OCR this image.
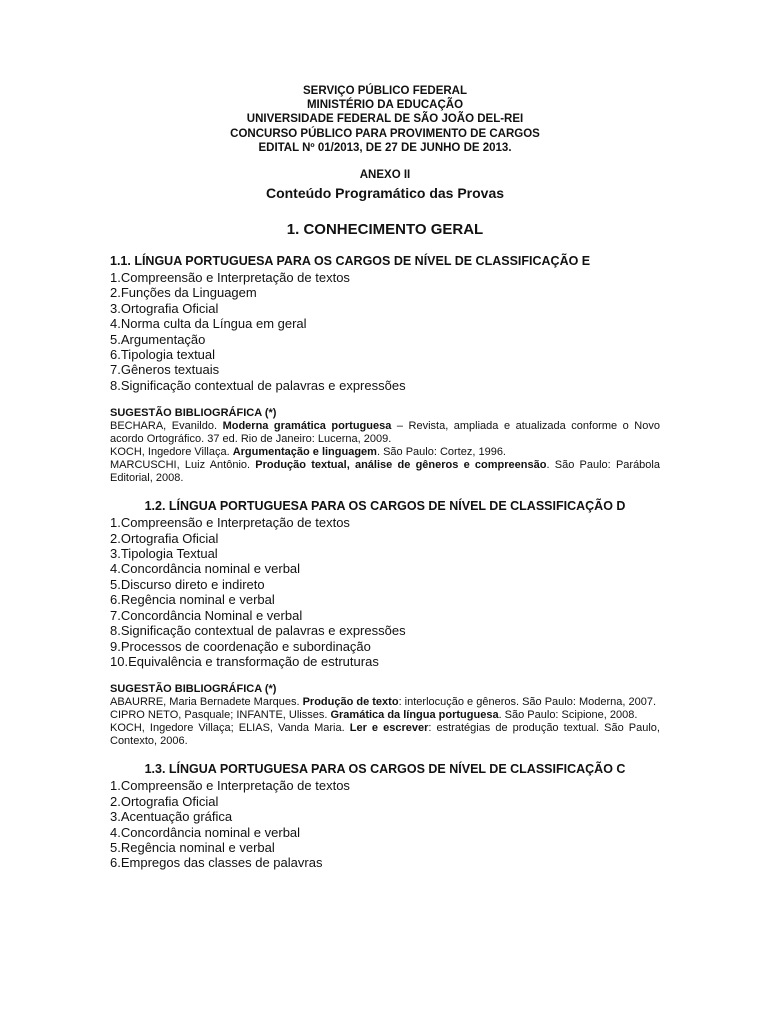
SERVIÇO PÚBLICO FEDERAL
MINISTÉRIO DA EDUCAÇÃO
UNIVERSIDADE FEDERAL DE SÃO JOÃO DEL-REI
CONCURSO PÚBLICO PARA PROVIMENTO DE CARGOS
EDITAL Nº 01/2013, DE 27 DE JUNHO DE 2013.
ANEXO II
Conteúdo Programático das Provas
1. CONHECIMENTO GERAL
1.1. LÍNGUA PORTUGUESA PARA OS CARGOS DE NÍVEL DE CLASSIFICAÇÃO E
1.Compreensão e Interpretação de textos
2.Funções da Linguagem
3.Ortografia Oficial
4.Norma culta da Língua em geral
5.Argumentação
6.Tipologia textual
7.Gêneros textuais
8.Significação contextual de palavras e expressões
SUGESTÃO BIBLIOGRÁFICA (*)
BECHARA, Evanildo. Moderna gramática portuguesa – Revista, ampliada e atualizada conforme o Novo acordo Ortográfico. 37 ed. Rio de Janeiro: Lucerna, 2009.
KOCH, Ingedore Villaça. Argumentação e linguagem. São Paulo: Cortez, 1996.
MARCUSCHI, Luiz Antônio. Produção textual, análise de gêneros e compreensão. São Paulo: Parábola Editorial, 2008.
1.2. LÍNGUA PORTUGUESA PARA OS CARGOS DE NÍVEL DE CLASSIFICAÇÃO D
1.Compreensão e Interpretação de textos
2.Ortografia Oficial
3.Tipologia Textual
4.Concordância nominal e verbal
5.Discurso direto e indireto
6.Regência nominal e verbal
7.Concordância Nominal e verbal
8.Significação contextual de palavras e expressões
9.Processos de coordenação e subordinação
10.Equivalência e transformação de estruturas
SUGESTÃO BIBLIOGRÁFICA (*)
ABAURRE, Maria Bernadete Marques. Produção de texto: interlocução e gêneros. São Paulo: Moderna, 2007.
CIPRO NETO, Pasquale; INFANTE, Ulisses. Gramática da língua portuguesa. São Paulo: Scipione, 2008.
KOCH, Ingedore Villaça; ELIAS, Vanda Maria. Ler e escrever: estratégias de produção textual. São Paulo, Contexto, 2006.
1.3. LÍNGUA PORTUGUESA PARA OS CARGOS DE NÍVEL DE CLASSIFICAÇÃO C
1.Compreensão e Interpretação de textos
2.Ortografia Oficial
3.Acentuação gráfica
4.Concordância nominal e verbal
5.Regência nominal e verbal
6.Empregos das classes de palavras
